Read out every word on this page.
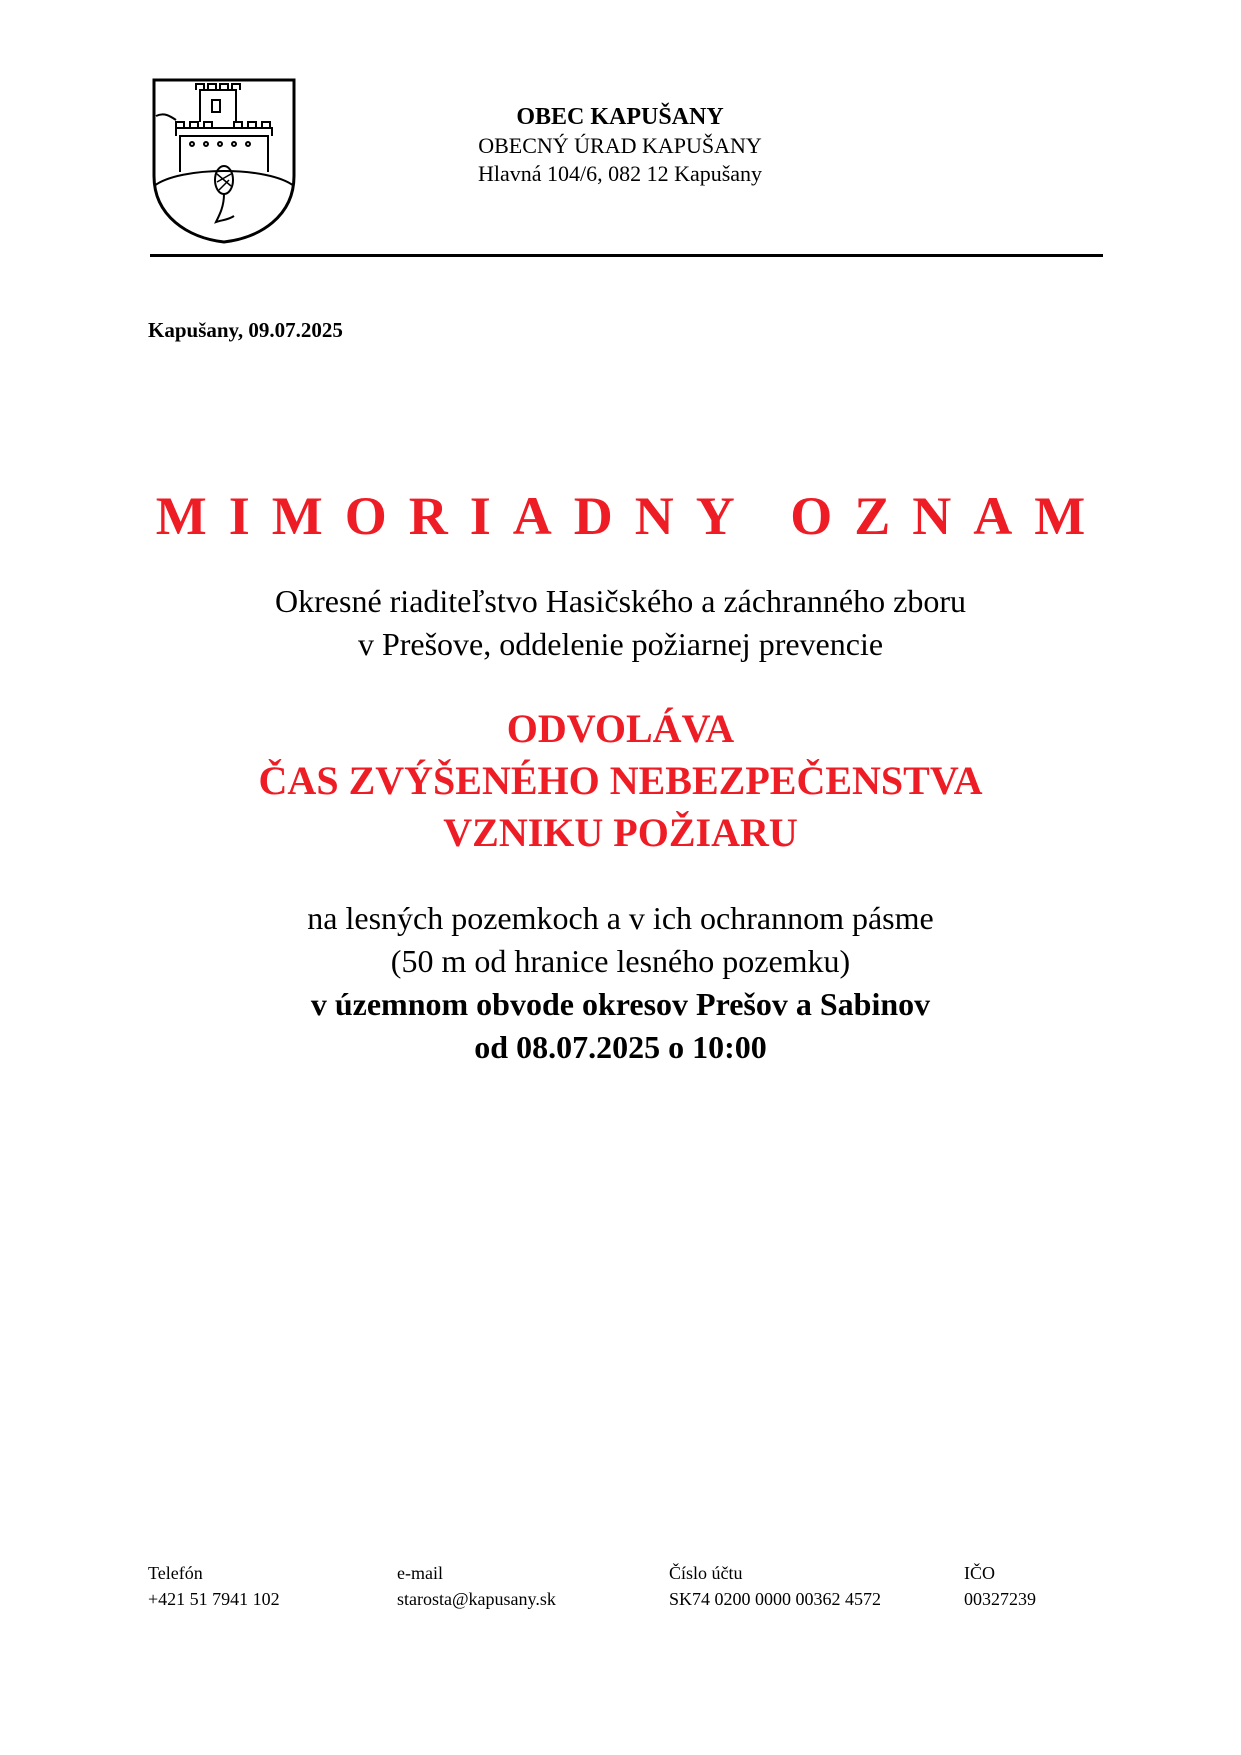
OBEC KAPUŠANY
OBECNÝ ÚRAD KAPUŠANY
Hlavná 104/6, 082 12 Kapušany
Kapušany, 09.07.2025
MIMORIADNY OZNAM
Okresné riaditeľstvo Hasičského a záchranného zboru
v Prešove, oddelenie požiarnej prevencie
ODVOLÁVA
ČAS ZVÝŠENÉHO NEBEZPEČENSTVA
VZNIKU POŽIARU
na lesných pozemkoch a v ich ochrannom pásme
(50 m od hranice lesného pozemku)
v územnom obvode okresov Prešov a Sabinov
od 08.07.2025 o 10:00
Telefón
+421 51 7941 102
e-mail
starosta@kapusany.sk
Číslo účtu
SK74 0200 0000 00362 4572
IČO
00327239
